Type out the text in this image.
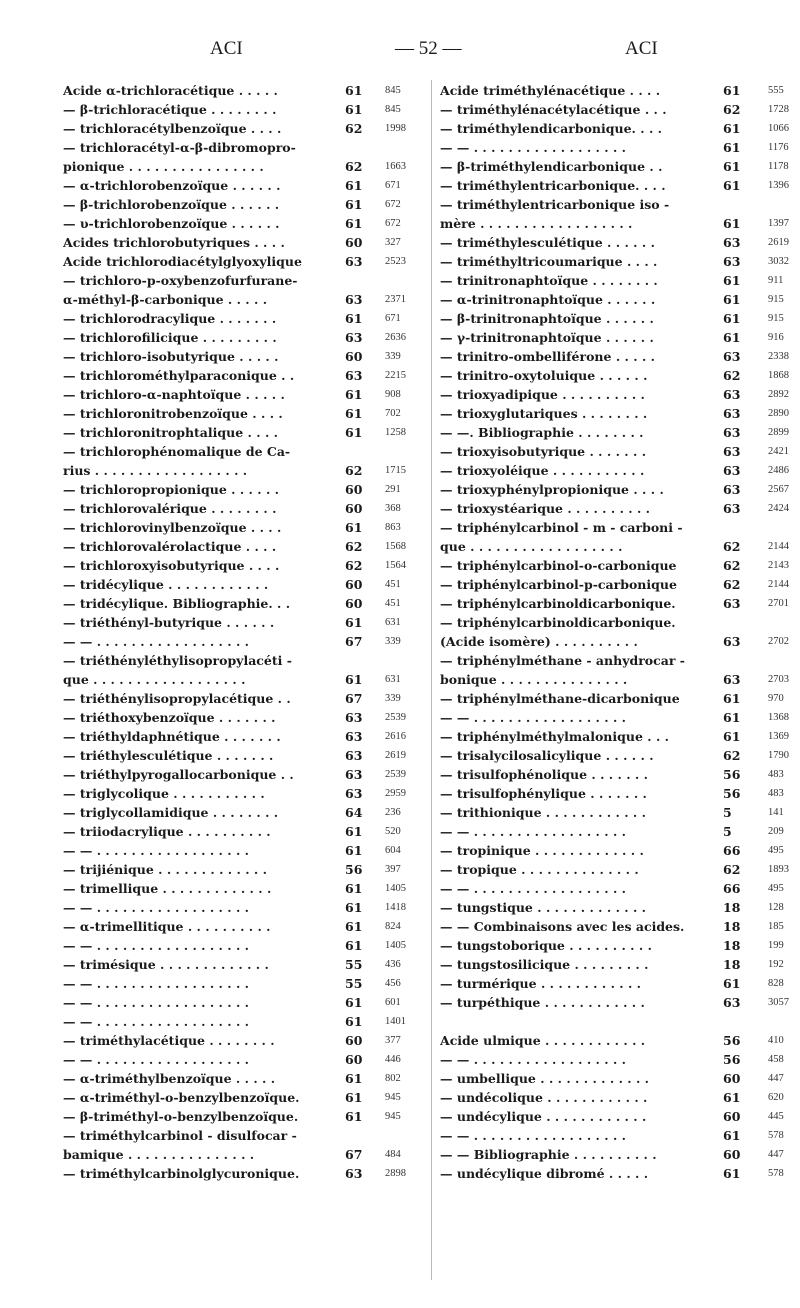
ACI	— 52 —	ACI
Acide α-trichloracétique . . . . .	61	845
— β-trichloracétique . . . . . . . .	61	845
— trichloracétylbenzoïque . . . .	62	1998
— trichloracétyl-α-β-dibromopro-
pionique . . . . . . . . . . . . . . . .	62	1663
— α-trichlorobenzoïque . . . . . .	61	671
— β-trichlorobenzoïque . . . . . .	61	672
— υ-trichlorobenzoïque . . . . . .	61	672
Acides trichlorobutyriques . . . .	60	327
Acide trichlorodiacétylglyoxylique	63	2523
— trichloro-p-oxybenzofurfurane-
α-méthyl-β-carbonique . . . . .	63	2371
— trichlorodracylique . . . . . . .	61	671
— trichlorofilicique . . . . . . . . .	63	2636
— trichloro-isobutyrique . . . . .	60	339
— trichlorométhylparaconique . .	63	2215
— trichloro-α-naphtoïque . . . . .	61	908
— trichloronitrobenzoïque . . . .	61	702
— trichloronitrophtalique . . . .	61	1258
— trichlorophénomalique de Ca-
rius . . . . . . . . . . . . . . . . . .	62	1715
— trichloropropionique . . . . . .	60	291
— trichlorovalérique . . . . . . . .	60	368
— trichlorovinylbenzoïque . . . .	61	863
— trichlorovalérolactique . . . .	62	1568
— trichloroxyisobutyrique . . . .	62	1564
— tridécylique . . . . . . . . . . . .	60	451
— tridécylique. Bibliographie. . .	60	451
— triéthényl-butyrique . . . . . .	61	631
— — . . . . . . . . . . . . . . . . . .	67	339
— triéthényléthylisopropylacéti -
que . . . . . . . . . . . . . . . . . .	61	631
— triéthénylisopropylacétique . .	67	339
— triéthoxybenzoïque . . . . . . .	63	2539
— triéthyldaphnétique . . . . . . .	63	2616
— triéthylesculétique . . . . . . .	63	2619
— triéthylpyrogallocarbonique . .	63	2539
— triglycolique . . . . . . . . . . .	63	2959
— triglycollamidique . . . . . . . .	64	236
— triiodacrylique . . . . . . . . . .	61	520
— — . . . . . . . . . . . . . . . . . .	61	604
— trijiénique . . . . . . . . . . . . .	56	397
— trimellique . . . . . . . . . . . . .	61	1405
— — . . . . . . . . . . . . . . . . . .	61	1418
— α-trimellitique . . . . . . . . . .	61	824
— — . . . . . . . . . . . . . . . . . .	61	1405
— trimésique . . . . . . . . . . . . .	55	436
— — . . . . . . . . . . . . . . . . . .	55	456
— — . . . . . . . . . . . . . . . . . .	61	601
— — . . . . . . . . . . . . . . . . . .	61	1401
— triméthylacétique . . . . . . . .	60	377
— — . . . . . . . . . . . . . . . . . .	60	446
— α-triméthylbenzoïque . . . . .	61	802
— α-triméthyl-o-benzylbenzoïque.	61	945
— β-triméthyl-o-benzylbenzoïque.	61	945
— triméthylcarbinol - disulfocar -
bamique . . . . . . . . . . . . . . .	67	484
— triméthylcarbinolglycuronique.	63	2898
Acide triméthylénacétique . . . .	61	555
— triméthylénacétylacétique . . .	62	1728
— triméthylendicarbonique. . . .	61	1066
— — . . . . . . . . . . . . . . . . . .	61	1176
— β-triméthylendicarbonique . .	61	1178
— triméthylentricarbonique. . . .	61	1396
— triméthylentricarbonique iso -
mère . . . . . . . . . . . . . . . . . .	61	1397
— triméthylesculétique . . . . . .	63	2619
— triméthyltricoumarique . . . .	63	3032
— trinitronaphtoïque . . . . . . . .	61	911
— α-trinitronaphtoïque . . . . . .	61	915
— β-trinitronaphtoïque . . . . . .	61	915
— γ-trinitronaphtoïque . . . . . .	61	916
— trinitro-ombelliférone . . . . .	63	2338
— trinitro-oxytoluique . . . . . .	62	1868
— trioxyadipique . . . . . . . . . .	63	2892
— trioxyglutariques . . . . . . . .	63	2890
— —. Bibliographie . . . . . . . .	63	2899
— trioxyisobutyrique . . . . . . .	63	2421
— trioxyoléique . . . . . . . . . . .	63	2486
— trioxyphénylpropionique . . . .	63	2567
— trioxystéarique . . . . . . . . . .	63	2424
— triphénylcarbinol - m - carboni -
que . . . . . . . . . . . . . . . . . .	62	2144
— triphénylcarbinol-o-carbonique	62	2143
— triphénylcarbinol-p-carbonique	62	2144
— triphénylcarbinoldicarbonique.	63	2701
— triphénylcarbinoldicarbonique.
(Acide isomère) . . . . . . . . . .	63	2702
— triphénylméthane - anhydrocar -
bonique . . . . . . . . . . . . . . .	63	2703
— triphénylméthane-dicarbonique	61	970
— — . . . . . . . . . . . . . . . . . .	61	1368
— triphénylméthylmalonique . . .	61	1369
— trisalycilosalicylique . . . . . .	62	1790
— trisulfophénolique . . . . . . .	56	483
— trisulfophénylique . . . . . . .	56	483
— trithionique . . . . . . . . . . . .	5	141
— — . . . . . . . . . . . . . . . . . .	5	209
— tropinique . . . . . . . . . . . . .	66	495
— tropique . . . . . . . . . . . . . .	62	1893
— — . . . . . . . . . . . . . . . . . .	66	495
— tungstique . . . . . . . . . . . . .	18	128
— — Combinaisons avec les acides.	18	185
— tungstoborique . . . . . . . . . .	18	199
— tungstosilicique . . . . . . . . .	18	192
— turmérique . . . . . . . . . . . .	61	828
— turpéthique . . . . . . . . . . . .	63	3057
Acide ulmique . . . . . . . . . . . .	56	410
— — . . . . . . . . . . . . . . . . . .	56	458
— umbellique . . . . . . . . . . . . .	60	447
— undécolique . . . . . . . . . . . .	61	620
— undécylique . . . . . . . . . . . .	60	445
— — . . . . . . . . . . . . . . . . . .	61	578
— — Bibliographie . . . . . . . . . .	60	447
— undécylique dibromé . . . . .	61	578
